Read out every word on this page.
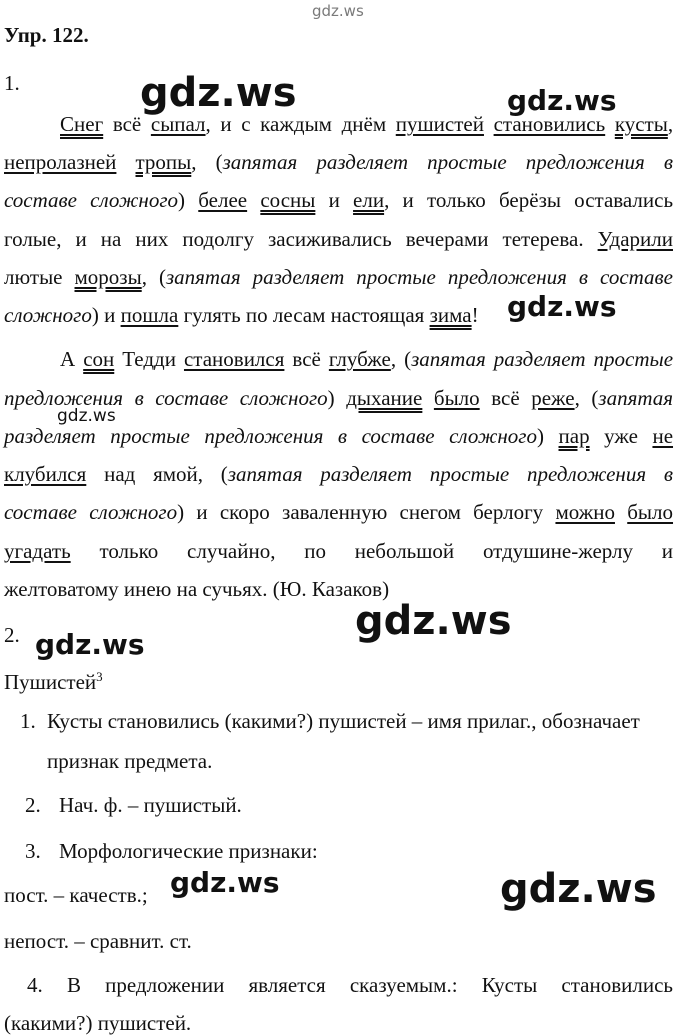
gdz.ws
Упр. 122.
1.
Снег всё сыпал, и с каждым днём пушистей становились кусты,
непролазней тропы, (запятая разделяет простые предложения в
составе сложного) белее сосны и ели, и только берёзы оставались
голые, и на них подолгу засиживались вечерами тетерева. Ударили
лютые морозы, (запятая разделяет простые предложения в составе
сложного) и пошла гулять по лесам настоящая зима!
А сон Тедди становился всё глубже, (запятая разделяет простые
предложения в составе сложного) дыхание было всё реже, (запятая
разделяет простые предложения в составе сложного) пар уже не
клубился над ямой, (запятая разделяет простые предложения в
составе сложного) и скоро заваленную снегом берлогу можно было
угадать только случайно, по небольшой отдушине-жерлу и
желтоватому инею на сучьях. (Ю. Казаков)
2.
Пушистей$^3$
1. Кусты становились (какими?) пушистей – имя прилаг., обозначает
признак предмета.
2. Нач. ф. – пушистый.
3. Морфологические признаки:
пост. – качеств.;
непост. – сравнит. ст.
4. В предложении является сказуемым.: Кусты становились
(какими?) пушистей.
gdz.ws	gdz.ws
gdz.ws
gdz.ws
gdz.ws
gdz.ws
gdz.ws	gdz.ws
